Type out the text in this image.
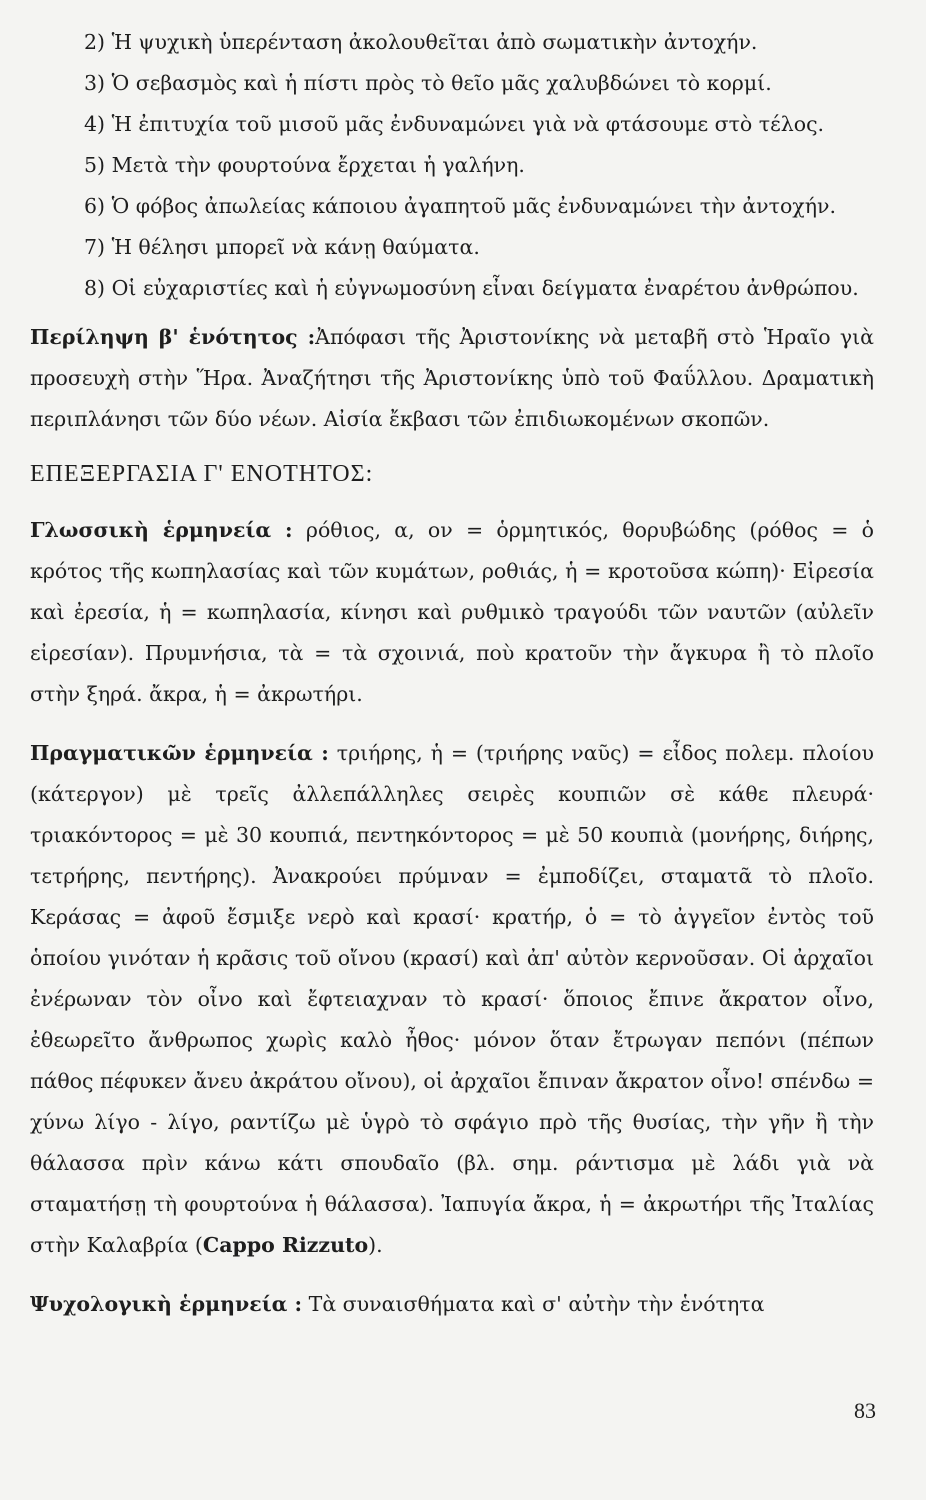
2) Ἡ ψυχικὴ ὑπερένταση ἀκολουθεῖται ἀπὸ σωματικὴν ἀντοχήν.

3) Ὁ σεβασμὸς καὶ ἡ πίστι πρὸς τὸ θεῖο μᾶς χαλυβδώνει τὸ κορμί.

4) Ἡ ἐπιτυχία τοῦ μισοῦ μᾶς ἐνδυναμώνει γιὰ νὰ φτάσουμε στὸ τέλος.

5) Μετὰ τὴν φουρτούνα ἔρχεται ἡ γαλήνη.

6) Ὁ φόβος ἀπωλείας κάποιου ἀγαπητοῦ μᾶς ἐνδυναμώνει τὴν ἀντοχήν.

7) Ἡ θέλησι μπορεῖ νὰ κάνῃ θαύματα.

8) Οἱ εὐχαριστίες καὶ ἡ εὐγνωμοσύνη εἶναι δείγματα ἐναρέτου ἀνθρώπου.

Περίληψη β' ἑνότητος :Ἀπόφασι τῆς Ἀριστονίκης νὰ μεταβῆ στὸ Ἡραῖο γιὰ προσευχὴ στὴν Ἥρα. Ἀναζήτησι τῆς Ἀριστονίκης ὑπὸ τοῦ Φαΰλλου. Δραματικὴ περιπλάνησι τῶν δύο νέων. Αἰσία ἔκβασι τῶν ἐπιδιωκομένων σκοπῶν.

ΕΠΕΞΕΡΓΑΣΙΑ Γ' ΕΝΟΤΗΤΟΣ:

Γλωσσικὴ ἑρμηνεία : ρόθιος, α, ον = ὁρμητικός, θορυβώδης (ρόθος = ὁ κρότος τῆς κωπηλασίας καὶ τῶν κυμάτων, ροθιάς, ἡ = κροτοῦσα κώπη)· Εἰρεσία καὶ ἐρεσία, ἡ = κωπηλασία, κίνησι καὶ ρυθμικὸ τραγούδι τῶν ναυτῶν (αὐλεῖν εἰρεσίαν). Πρυμνήσια, τὰ = τὰ σχοινιά, ποὺ κρατοῦν τὴν ἄγκυρα ἢ τὸ πλοῖο στὴν ξηρά. ἄκρα, ἡ = ἀκρωτήρι.

Πραγματικῶν ἑρμηνεία : τριήρης, ἡ = (τριήρης ναῦς) = εἶδος πολεμ. πλοίου (κάτεργον) μὲ τρεῖς ἀλλεπάλληλες σειρὲς κουπιῶν σὲ κάθε πλευρά· τριακόντορος = μὲ 30 κουπιά, πεντηκόντορος = μὲ 50 κουπιὰ (μονήρης, διήρης, τετρήρης, πεντήρης). Ἀνακρούει πρύμναν = ἐμποδίζει, σταματᾶ τὸ πλοῖο. Κεράσας = ἀφοῦ ἔσμιξε νερὸ καὶ κρασί· κρατήρ, ὁ = τὸ ἀγγεῖον ἐντὸς τοῦ ὁποίου γινόταν ἡ κρᾶσις τοῦ οἴνου (κρασί) καὶ ἀπ' αὐτὸν κερνοῦσαν. Οἱ ἀρχαῖοι ἐνέρωναν τὸν οἶνο καὶ ἔφτειαχναν τὸ κρασί· ὅποιος ἔπινε ἄκρατον οἶνο, ἐθεωρεῖτο ἄνθρωπος χωρὶς καλὸ ἦθος· μόνον ὅταν ἔτρωγαν πεπόνι (πέπων πάθος πέφυκεν ἄνευ ἀκράτου οἴνου), οἱ ἀρχαῖοι ἔπιναν ἄκρατον οἶνο! σπένδω = χύνω λίγο - λίγο, ραντίζω μὲ ὑγρὸ τὸ σφάγιο πρὸ τῆς θυσίας, τὴν γῆν ἢ τὴν θάλασσα πρὶν κάνω κάτι σπουδαῖο (βλ. σημ. ράντισμα μὲ λάδι γιὰ νὰ σταματήσῃ τὴ φουρτούνα ἡ θάλασσα). Ἰαπυγία ἄκρα, ἡ = ἀκρωτήρι τῆς Ἰταλίας στὴν Καλαβρία (Cappo Rizzuto).

Ψυχολογικὴ ἑρμηνεία : Τὰ συναισθήματα καὶ σ' αὐτὴν τὴν ἑνότητα

83
